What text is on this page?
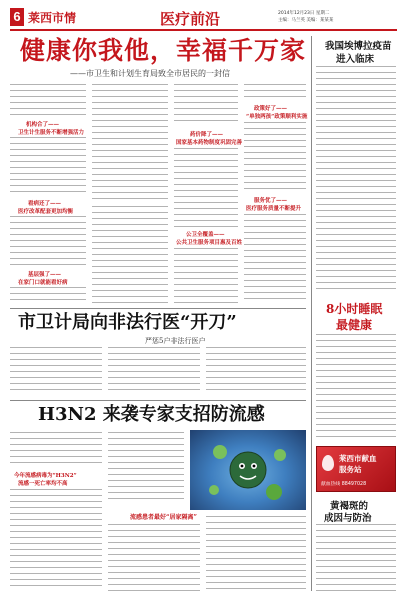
6 莱西市情	医疗前沿	2014年12月23日 星期二
主编：马兰英 美编：某某某
健康你我他，幸福千万家
——市卫生和计划生育局致全市居民的一封信
机构合了——
卫生计生服务不断增强活力
看病还了——
医疗改革配套更加均衡
基层强了——
在家门口就能看好病
药价降了——
国家基本药物制度巩固完善
公卫全覆盖——
公共卫生服务项目惠及百姓
政策好了——
“单独两孩”政策顺利实施
服务优了——
医疗服务质量不断提升
我国埃博拉疫苗
进入临床
8小时睡眠
最健康
莱西市献血
服务站
献血热线 88497028
黄褐斑的
成因与防治
市卫计局向非法行医“开刀”
严惩5户非法行医户
H3N2 来袭专家支招防流感
今年流感病毒为“H3N2”
流感一死亡率均不高
流感患者最好“居家隔离”
